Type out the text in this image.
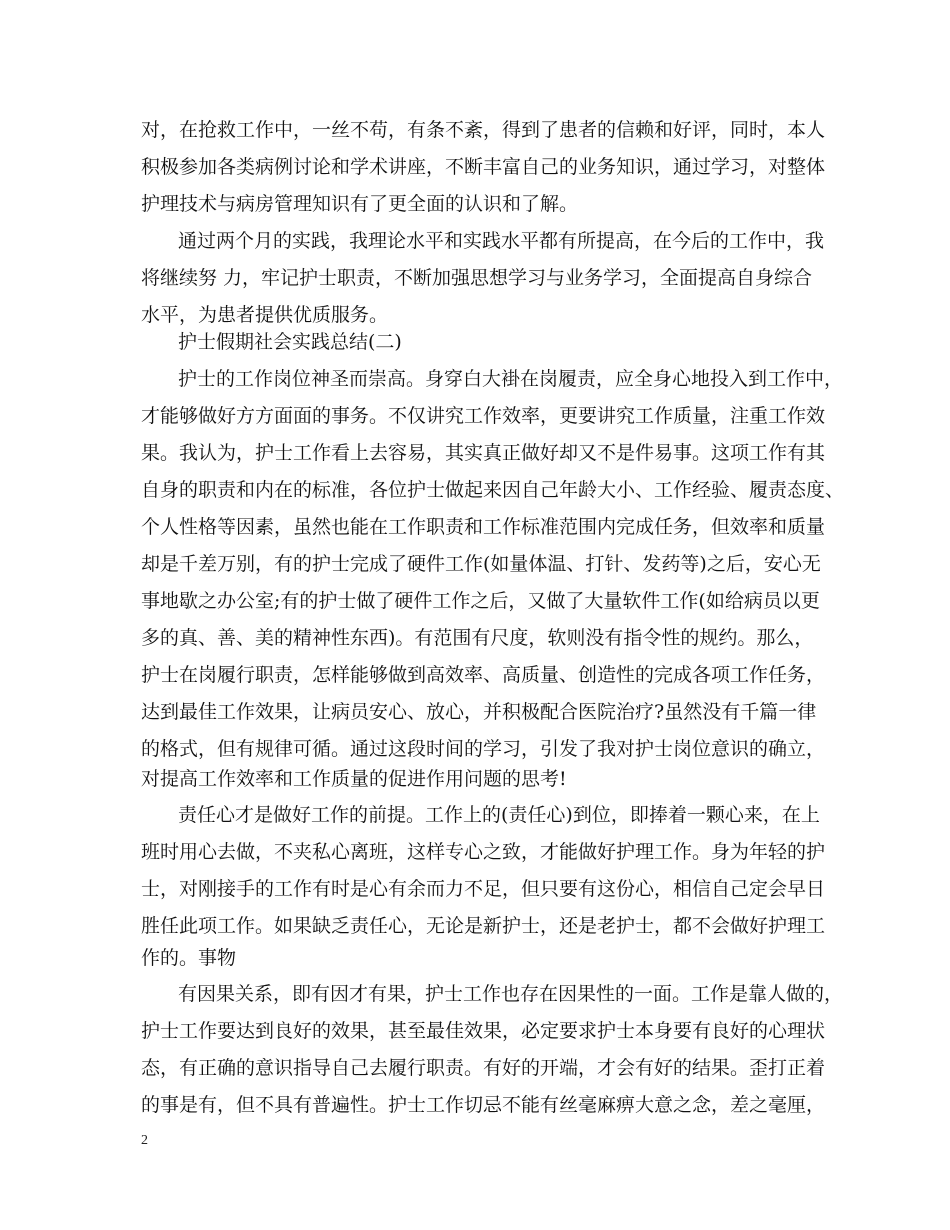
对，在抢救工作中，一丝不苟，有条不紊，得到了患者的信赖和好评，同时，本人
积极参加各类病例讨论和学术讲座，不断丰富自己的业务知识，通过学习，对整体
护理技术与病房管理知识有了更全面的认识和了解。
通过两个月的实践，我理论水平和实践水平都有所提高，在今后的工作中，我
将继续努 力，牢记护士职责，不断加强思想学习与业务学习，全面提高自身综合
水平，为患者提供优质服务。
护士假期社会实践总结(二)
护士的工作岗位神圣而崇高。身穿白大褂在岗履责，应全身心地投入到工作中，
才能够做好方方面面的事务。不仅讲究工作效率，更要讲究工作质量，注重工作效
果。我认为，护士工作看上去容易，其实真正做好却又不是件易事。这项工作有其
自身的职责和内在的标准，各位护士做起来因自己年龄大小、工作经验、履责态度、
个人性格等因素，虽然也能在工作职责和工作标准范围内完成任务，但效率和质量
却是千差万别，有的护士完成了硬件工作(如量体温、打针、发药等)之后，安心无
事地歇之办公室;有的护士做了硬件工作之后，又做了大量软件工作(如给病员以更
多的真、善、美的精神性东西)。有范围有尺度，软则没有指令性的规约。那么，
护士在岗履行职责，怎样能够做到高效率、高质量、创造性的完成各项工作任务，
达到最佳工作效果，让病员安心、放心，并积极配合医院治疗?虽然没有千篇一律
的格式，但有规律可循。通过这段时间的学习，引发了我对护士岗位意识的确立，
对提高工作效率和工作质量的促进作用问题的思考!
责任心才是做好工作的前提。工作上的(责任心)到位，即捧着一颗心来，在上
班时用心去做，不夹私心离班，这样专心之致，才能做好护理工作。身为年轻的护
士，对刚接手的工作有时是心有余而力不足，但只要有这份心，相信自己定会早日
胜任此项工作。如果缺乏责任心，无论是新护士，还是老护士，都不会做好护理工
作的。事物
有因果关系，即有因才有果，护士工作也存在因果性的一面。工作是靠人做的，
护士工作要达到良好的效果，甚至最佳效果，必定要求护士本身要有良好的心理状
态，有正确的意识指导自己去履行职责。有好的开端，才会有好的结果。歪打正着
的事是有，但不具有普遍性。护士工作切忌不能有丝毫麻痹大意之念，差之毫厘，
2
